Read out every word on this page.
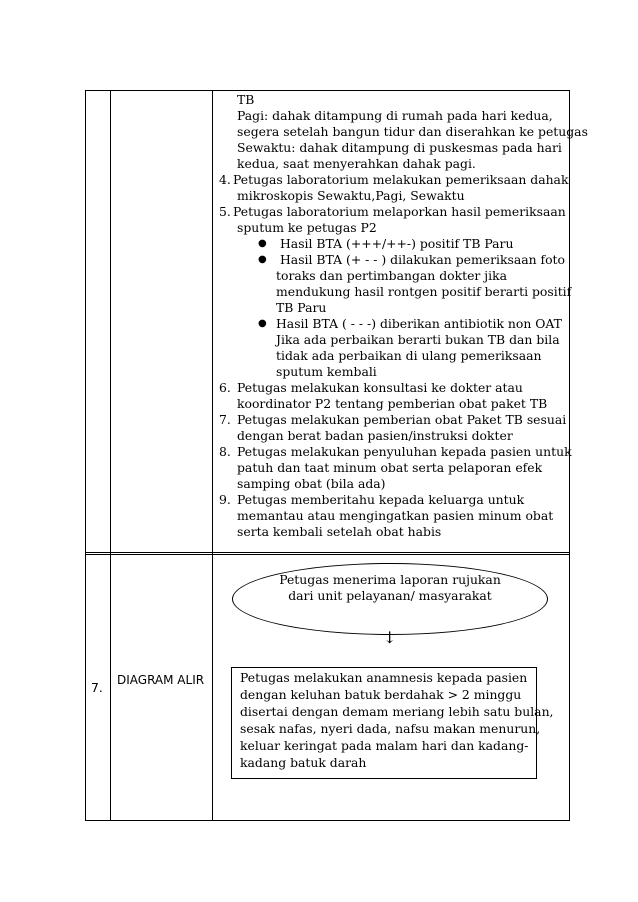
TB
Pagi: dahak ditampung di rumah pada hari kedua,
segera setelah bangun tidur dan diserahkan ke petugas
Sewaktu: dahak ditampung di puskesmas pada hari
kedua, saat menyerahkan dahak pagi.
4. Petugas laboratorium melakukan pemeriksaan dahak
mikroskopis Sewaktu,Pagi, Sewaktu
5. Petugas laboratorium melaporkan hasil pemeriksaan
sputum ke petugas P2
● Hasil BTA (+++/++-) positif TB Paru
● Hasil BTA (+ - - ) dilakukan pemeriksaan foto
toraks dan pertimbangan dokter jika
mendukung hasil rontgen positif berarti positif
TB Paru
● Hasil BTA ( - - -) diberikan antibiotik non OAT
Jika ada perbaikan berarti bukan TB dan bila
tidak ada perbaikan di ulang pemeriksaan
sputum kembali
6. Petugas melakukan konsultasi ke dokter atau
koordinator P2 tentang pemberian obat paket TB
7. Petugas melakukan pemberian obat Paket TB sesuai
dengan berat badan pasien/instruksi dokter
8. Petugas melakukan penyuluhan kepada pasien untuk
patuh dan taat minum obat serta pelaporan efek
samping obat (bila ada)
9. Petugas memberitahu kepada keluarga untuk
memantau atau mengingatkan pasien minum obat
serta kembali setelah obat habis
7. DIAGRAM ALIR
Petugas menerima laporan rujukan
dari unit pelayanan/ masyarakat
↓
Petugas melakukan anamnesis kepada pasien
dengan keluhan batuk berdahak > 2 minggu
disertai dengan demam meriang lebih satu bulan,
sesak nafas, nyeri dada, nafsu makan menurun,
keluar keringat pada malam hari dan kadang-
kadang batuk darah
